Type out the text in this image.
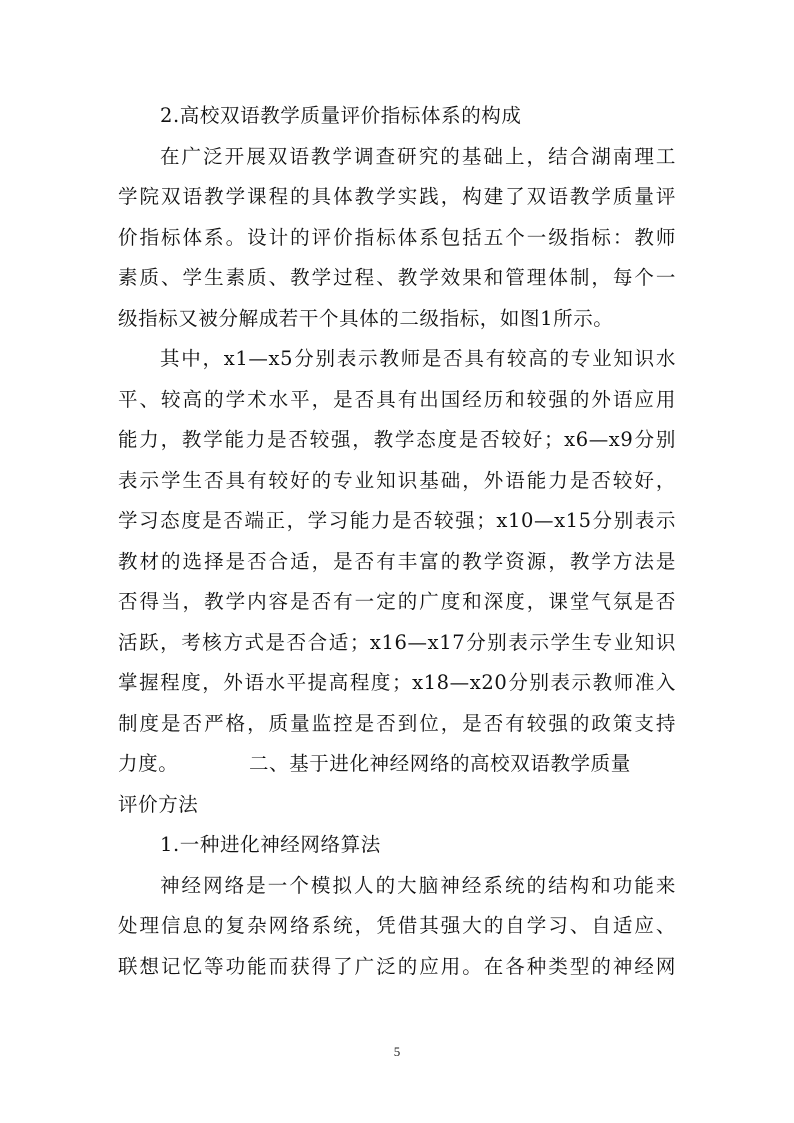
2.高校双语教学质量评价指标体系的构成
在广泛开展双语教学调查研究的基础上，结合湖南理工
学院双语教学课程的具体教学实践，构建了双语教学质量评
价指标体系。设计的评价指标体系包括五个一级指标：教师
素质、学生素质、教学过程、教学效果和管理体制，每个一
级指标又被分解成若干个具体的二级指标，如图1所示。
其中，x1—x5分别表示教师是否具有较高的专业知识水
平、较高的学术水平，是否具有出国经历和较强的外语应用
能力，教学能力是否较强，教学态度是否较好；x6—x9分别
表示学生否具有较好的专业知识基础，外语能力是否较好，
学习态度是否端正，学习能力是否较强；x10—x15分别表示
教材的选择是否合适，是否有丰富的教学资源，教学方法是
否得当，教学内容是否有一定的广度和深度，课堂气氛是否
活跃，考核方式是否合适；x16—x17分别表示学生专业知识
掌握程度，外语水平提高程度；x18—x20分别表示教师准入
制度是否严格，质量监控是否到位，是否有较强的政策支持
力度。　　　　二、基于进化神经网络的高校双语教学质量
评价方法
1.一种进化神经网络算法
神经网络是一个模拟人的大脑神经系统的结构和功能来
处理信息的复杂网络系统，凭借其强大的自学习、自适应、
联想记忆等功能而获得了广泛的应用。在各种类型的神经网
5
